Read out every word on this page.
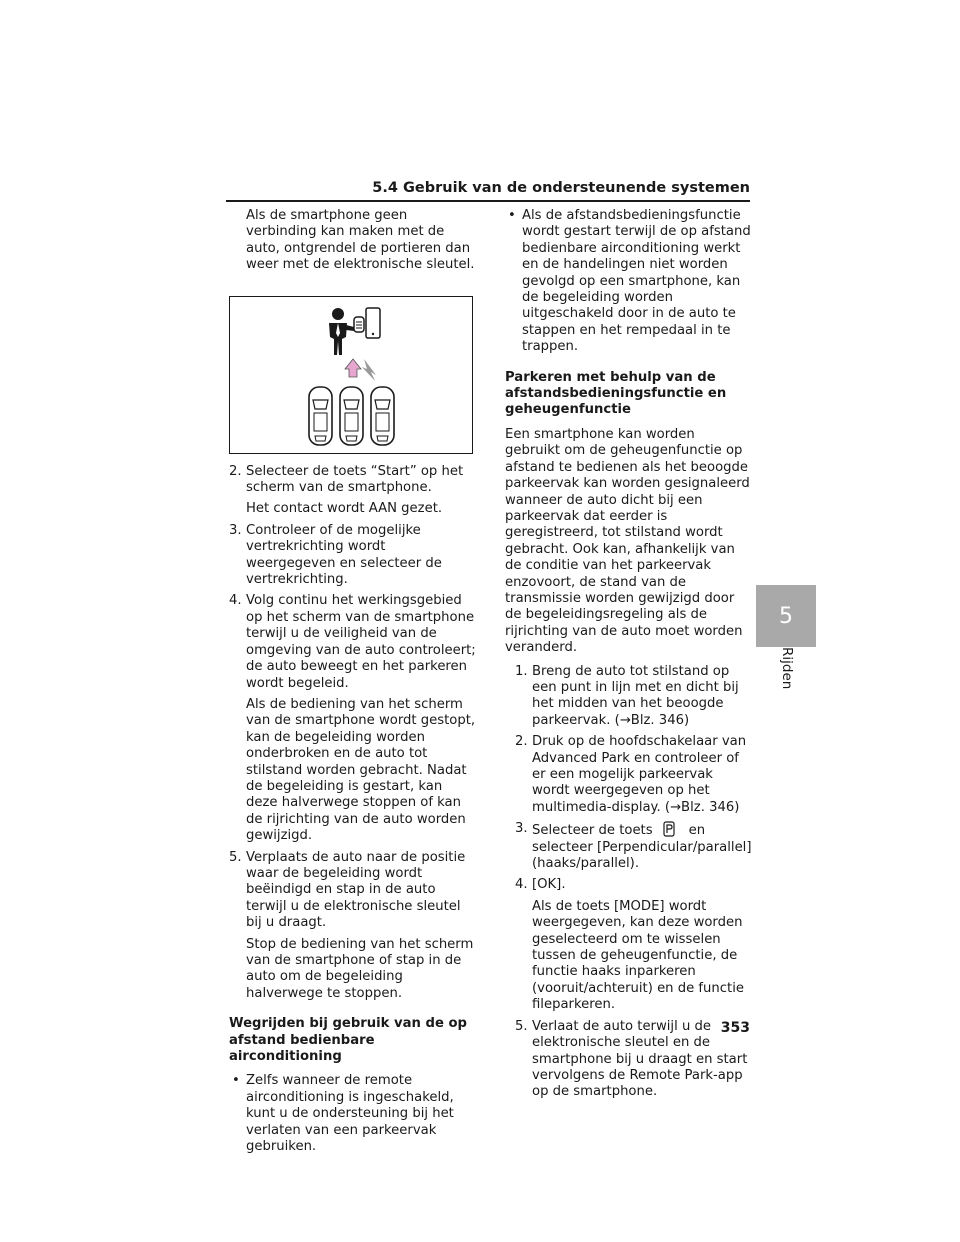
5.4 Gebruik van de ondersteunende systemen
5
Rijden

Als de smartphone geen verbinding kan maken met de auto, ontgrendel de portieren dan weer met de elektronische sleutel.

2. Selecteer de toets “Start” op het scherm van de smartphone.

Het contact wordt AAN gezet.

3. Controleer of de mogelijke vertrekrichting wordt weergegeven en selecteer de vertrekrichting.

4. Volg continu het werkingsgebied op het scherm van de smartphone terwijl u de veiligheid van de omgeving van de auto controleert; de auto beweegt en het parkeren wordt begeleid.

Als de bediening van het scherm van de smartphone wordt gestopt, kan de begeleiding worden onderbroken en de auto tot stilstand worden gebracht. Nadat de begeleiding is gestart, kan deze halverwege stoppen of kan de rijrichting van de auto worden gewijzigd.

5. Verplaats de auto naar de positie waar de begeleiding wordt beëindigd en stap in de auto terwijl u de elektronische sleutel bij u draagt.

Stop de bediening van het scherm van de smartphone of stap in de auto om de begeleiding halverwege te stoppen.

Wegrijden bij gebruik van de op afstand bedienbare airconditioning

• Zelfs wanneer de remote airconditioning is ingeschakeld, kunt u de ondersteuning bij het verlaten van een parkeervak gebruiken.
• Als de afstandsbedieningsfunctie wordt gestart terwijl de op afstand bedienbare airconditioning werkt en de handelingen niet worden gevolgd op een smartphone, kan de begeleiding worden uitgeschakeld door in de auto te stappen en het rempedaal in te trappen.

Parkeren met behulp van de afstandsbedieningsfunctie en geheugenfunctie

Een smartphone kan worden gebruikt om de geheugenfunctie op afstand te bedienen als het beoogde parkeervak kan worden gesignaleerd wanneer de auto dicht bij een parkeervak dat eerder is geregistreerd, tot stilstand wordt gebracht. Ook kan, afhankelijk van de conditie van het parkeervak enzovoort, de stand van de transmissie worden gewijzigd door de begeleidingsregeling als de rijrichting van de auto moet worden veranderd.

1. Breng de auto tot stilstand op een punt in lijn met en dicht bij het midden van het beoogde parkeervak. (→Blz. 346)

2. Druk op de hoofdschakelaar van Advanced Park en controleer of er een mogelijk parkeervak wordt weergegeven op het multimedia-display. (→Blz. 346)

3. Selecteer de toets	en selecteer [Perpendicular/parallel] (haaks/parallel).

4. [OK].

Als de toets [MODE] wordt weergegeven, kan deze worden geselecteerd om te wisselen tussen de geheugenfunctie, de functie haaks inparkeren (vooruit/achteruit) en de functie fileparkeren.

5. Verlaat de auto terwijl u de elektronische sleutel en de smartphone bij u draagt en start vervolgens de Remote Park-app op de smartphone.

353
